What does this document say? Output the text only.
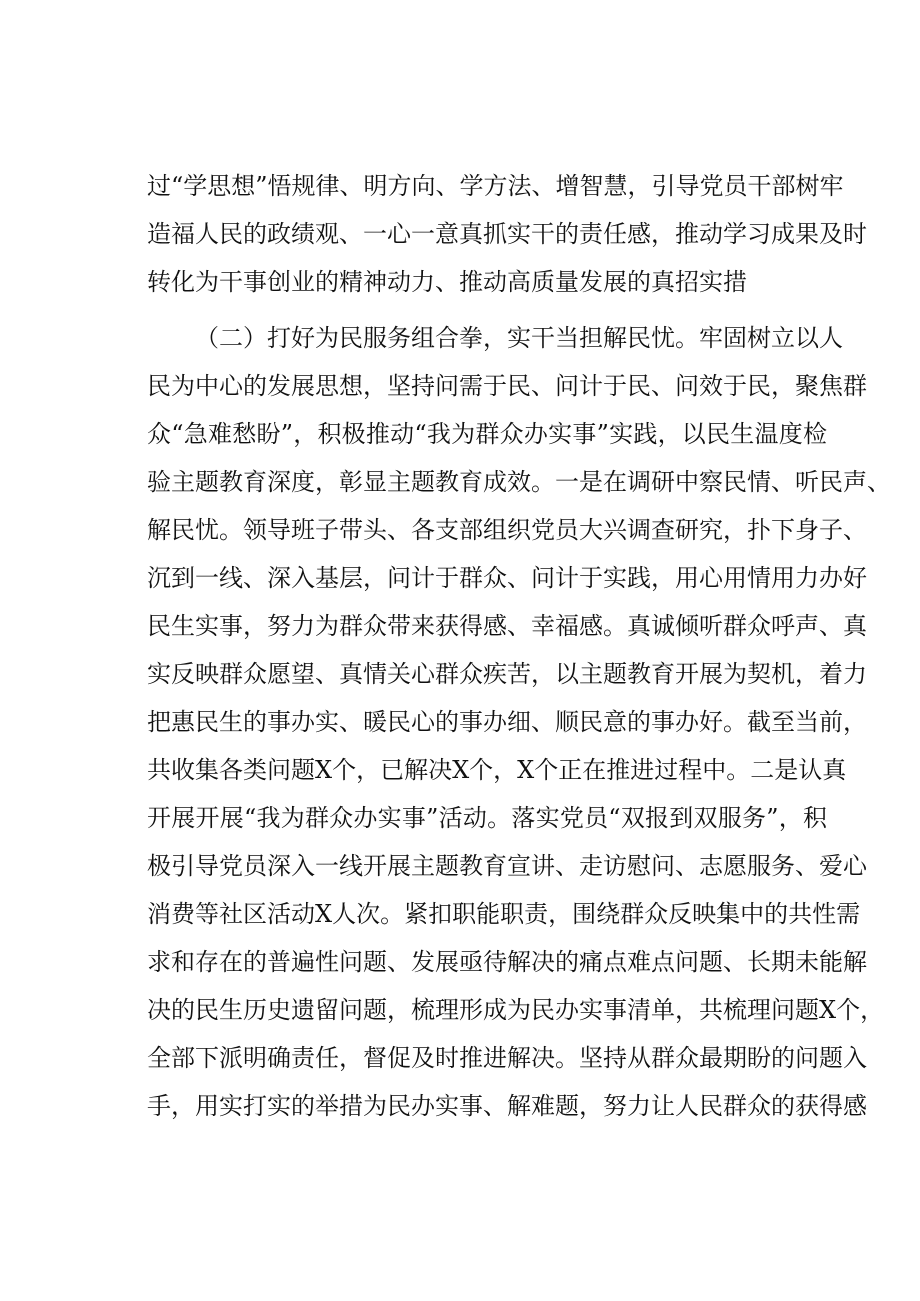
过“学思想”悟规律、明方向、学方法、增智慧，引导党员干部树牢
造福人民的政绩观、一心一意真抓实干的责任感，推动学习成果及时
转化为干事创业的精神动力、推动高质量发展的真招实措
（二）打好为民服务组合拳，实干当担解民忧。牢固树立以人
民为中心的发展思想，坚持问需于民、问计于民、问效于民，聚焦群
众“急难愁盼”，积极推动“我为群众办实事”实践，以民生温度检
验主题教育深度，彰显主题教育成效。一是在调研中察民情、听民声、
解民忧。领导班子带头、各支部组织党员大兴调查研究，扑下身子、
沉到一线、深入基层，问计于群众、问计于实践，用心用情用力办好
民生实事，努力为群众带来获得感、幸福感。真诚倾听群众呼声、真
实反映群众愿望、真情关心群众疾苦，以主题教育开展为契机，着力
把惠民生的事办实、暖民心的事办细、顺民意的事办好。截至当前，
共收集各类问题X个，已解决X个，X个正在推进过程中。二是认真
开展开展“我为群众办实事”活动。落实党员“双报到双服务”，积
极引导党员深入一线开展主题教育宣讲、走访慰问、志愿服务、爱心
消费等社区活动X人次。紧扣职能职责，围绕群众反映集中的共性需
求和存在的普遍性问题、发展亟待解决的痛点难点问题、长期未能解
决的民生历史遗留问题，梳理形成为民办实事清单，共梳理问题X个，
全部下派明确责任，督促及时推进解决。坚持从群众最期盼的问题入
手，用实打实的举措为民办实事、解难题，努力让人民群众的获得感
